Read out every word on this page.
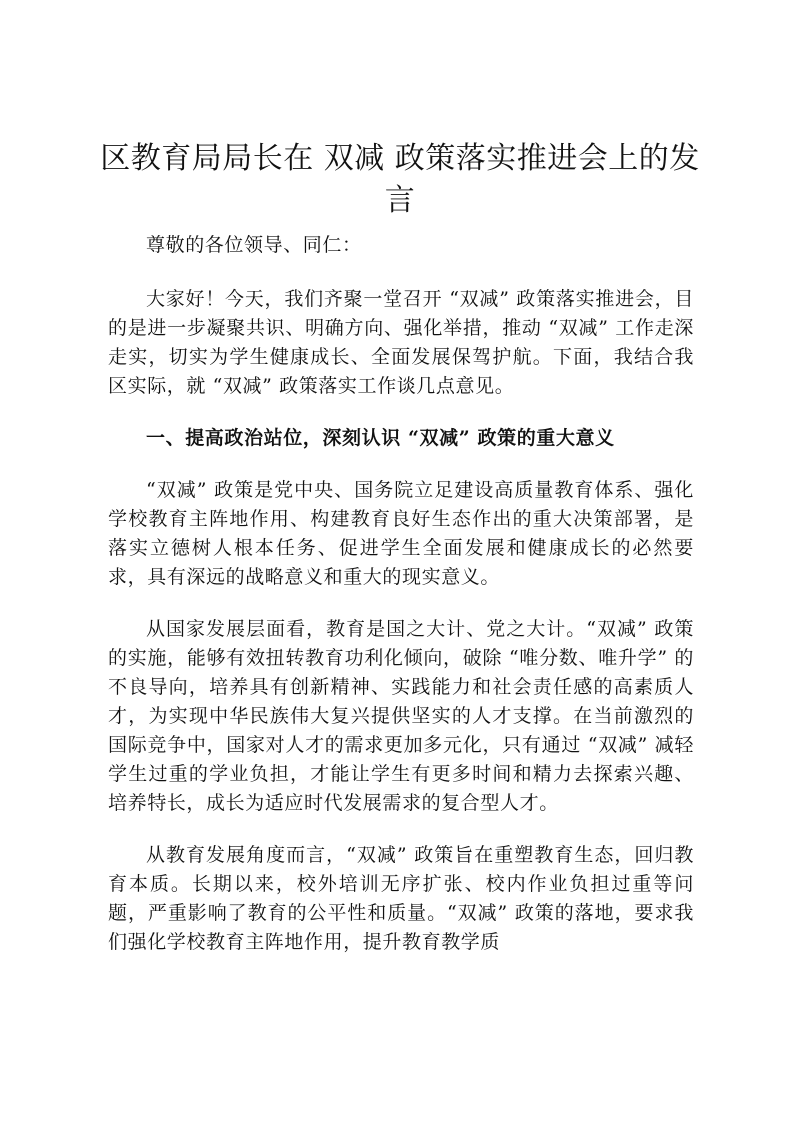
区教育局局长在 双减 政策落实推进会上的发言

尊敬的各位领导、同仁：

大家好！今天，我们齐聚一堂召开 “双减” 政策落实推进会，目的是进一步凝聚共识、明确方向、强化举措，推动 “双减” 工作走深走实，切实为学生健康成长、全面发展保驾护航。下面，我结合我区实际，就 “双减” 政策落实工作谈几点意见。

一、提高政治站位，深刻认识 “双减” 政策的重大意义

“双减” 政策是党中央、国务院立足建设高质量教育体系、强化学校教育主阵地作用、构建教育良好生态作出的重大决策部署，是落实立德树人根本任务、促进学生全面发展和健康成长的必然要求，具有深远的战略意义和重大的现实意义。

从国家发展层面看，教育是国之大计、党之大计。“双减” 政策的实施，能够有效扭转教育功利化倾向，破除 “唯分数、唯升学” 的不良导向，培养具有创新精神、实践能力和社会责任感的高素质人才，为实现中华民族伟大复兴提供坚实的人才支撑。在当前激烈的国际竞争中，国家对人才的需求更加多元化，只有通过 “双减” 减轻学生过重的学业负担，才能让学生有更多时间和精力去探索兴趣、培养特长，成长为适应时代发展需求的复合型人才。

从教育发展角度而言，“双减” 政策旨在重塑教育生态，回归教育本质。长期以来，校外培训无序扩张、校内作业负担过重等问题，严重影响了教育的公平性和质量。“双减” 政策的落地，要求我们强化学校教育主阵地作用，提升教育教学质
